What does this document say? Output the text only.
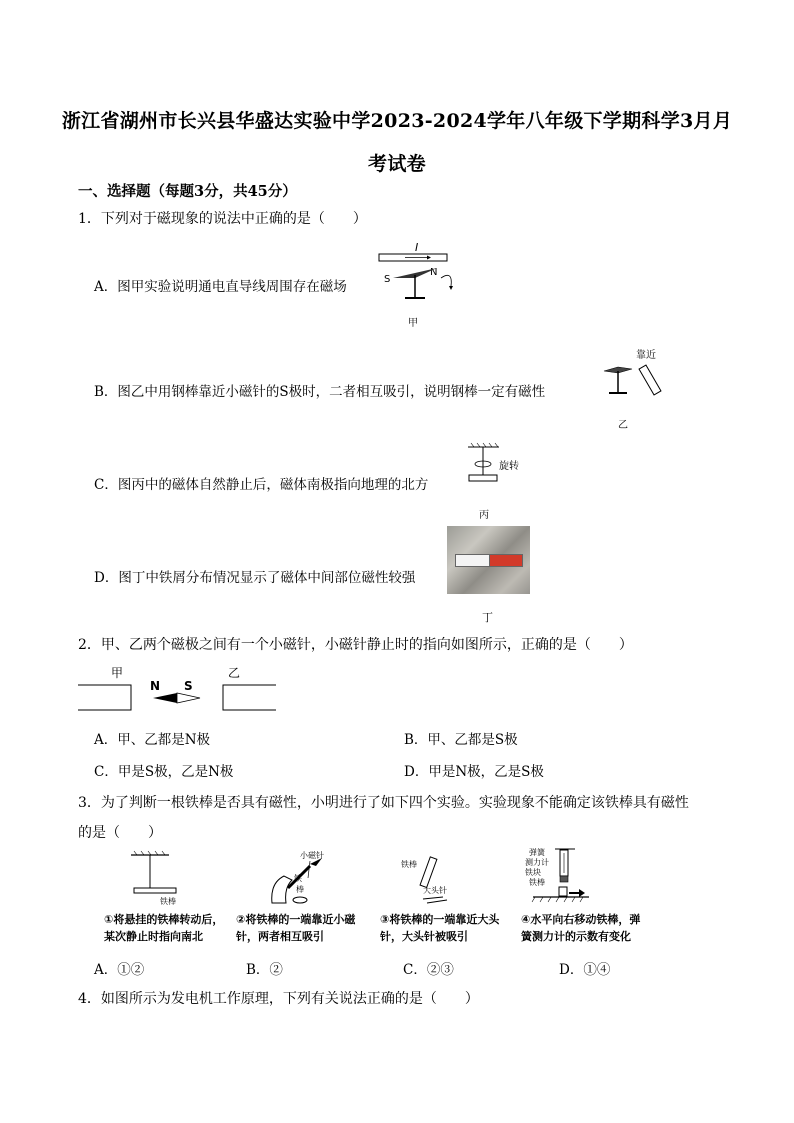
浙江省湖州市长兴县华盛达实验中学2023-2024学年八年级下学期科学3月月
考试卷
一、选择题（每题3分，共45分）
1．下列对于磁现象的说法中正确的是（　　）
A．图甲实验说明通电直导线周围存在磁场
I
S
N
甲
B．图乙中用钢棒靠近小磁针的S极时，二者相互吸引，说明钢棒一定有磁性
靠近
乙
C．图丙中的磁体自然静止后，磁体南极指向地理的北方
旋转
丙
D．图丁中铁屑分布情况显示了磁体中间部位磁性较强
丁
2．甲、乙两个磁极之间有一个小磁针，小磁针静止时的指向如图所示，正确的是（　　）
甲	乙
N S
A．甲、乙都是N极	B．甲、乙都是S极
C．甲是S极，乙是N极	D．甲是N极，乙是S极
3．为了判断一根铁棒是否具有磁性，小明进行了如下四个实验。实验现象不能确定该铁棒具有磁性
的是（　　）
铁棒
①将悬挂的铁棒转动后，
某次静止时指向南北
小磁针
铁
棒
②将铁棒的一端靠近小磁
针，两者相互吸引
铁棒
大头针
③将铁棒的一端靠近大头
针，大头针被吸引
弹簧
测力计
铁块
铁棒
④水平向右移动铁棒，弹
簧测力计的示数有变化
A．①②	B．②	C．②③	D．①④
4．如图所示为发电机工作原理，下列有关说法正确的是（　　）
